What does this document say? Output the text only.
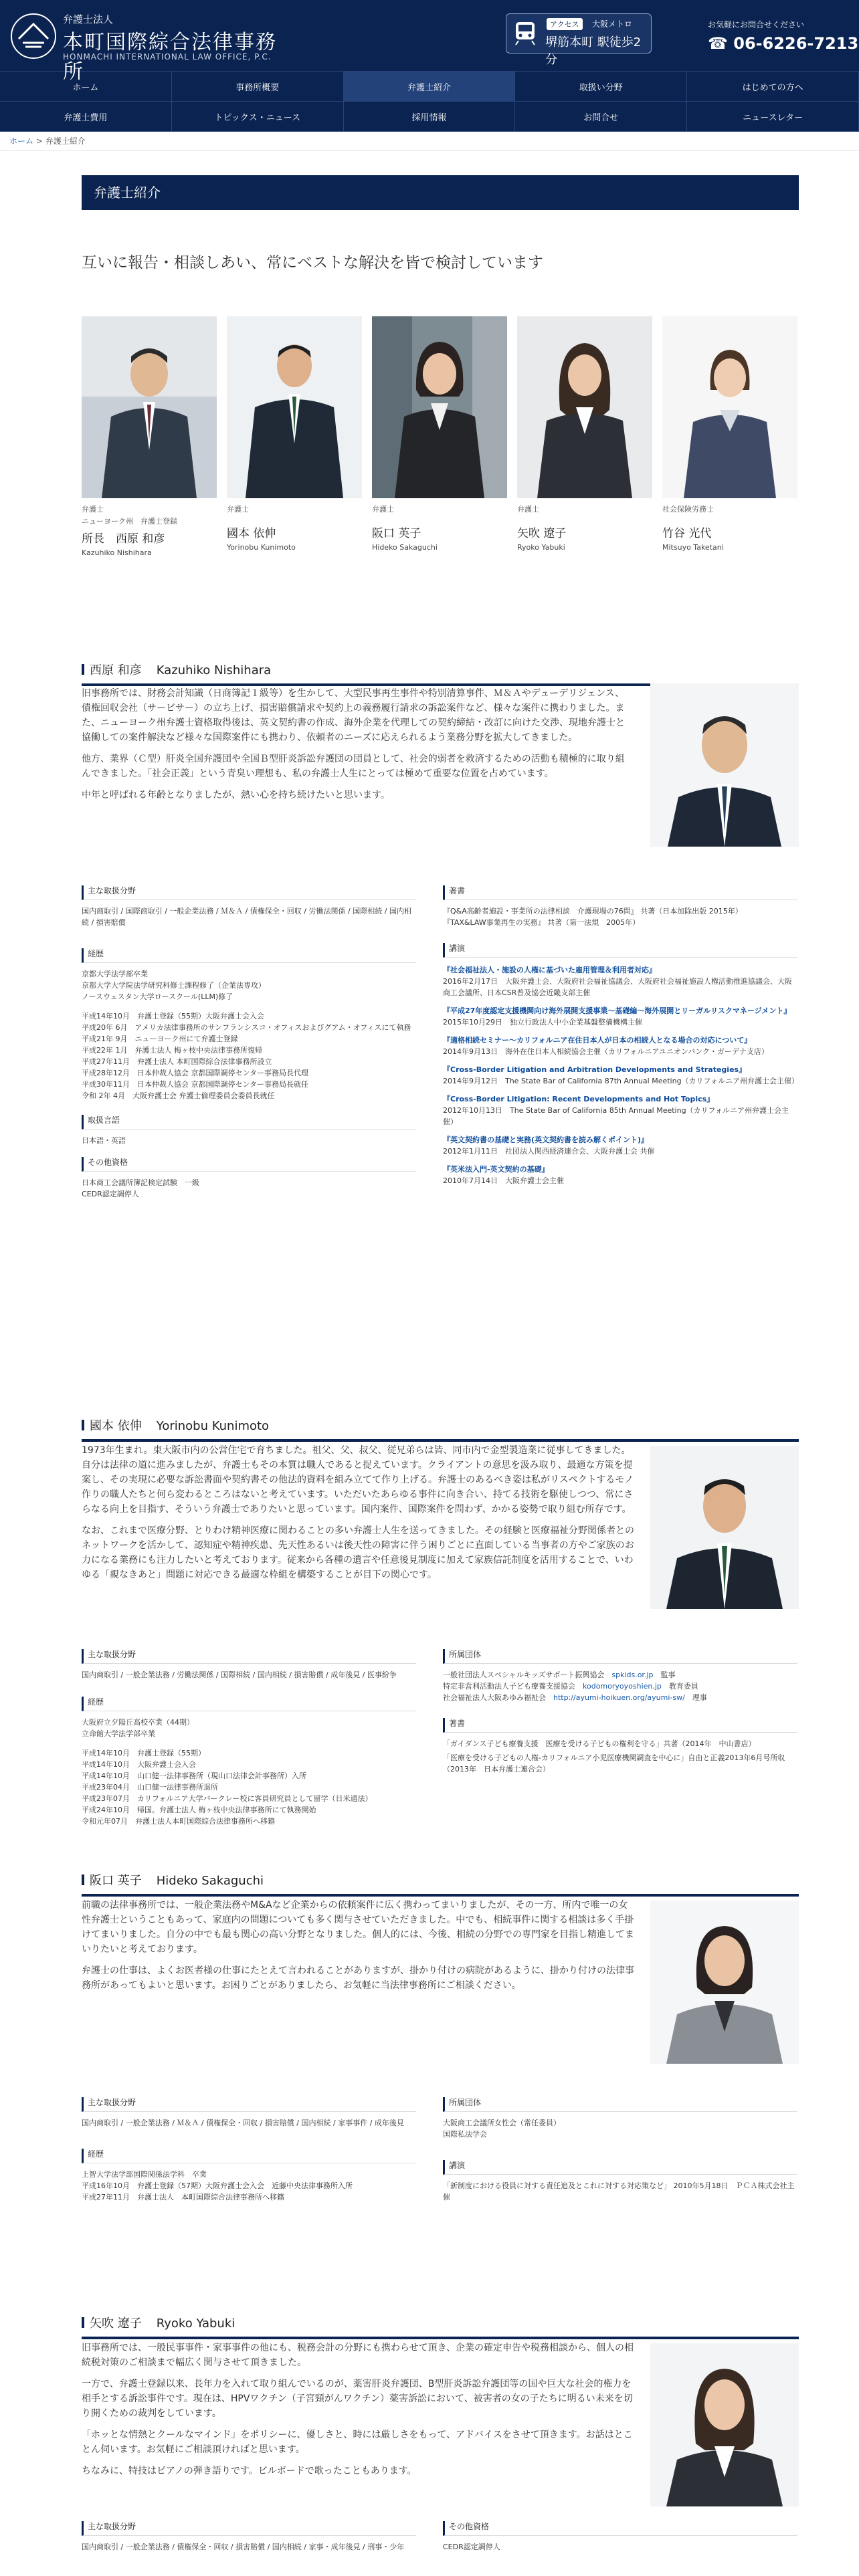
弁護士法人
本町国際綜合法律事務所
HONMACHI INTERNATIONAL LAW OFFICE, P.C.
アクセス	大阪メトロ
堺筋本町 駅徒歩2分
お気軽にお問合せください
☎ 06-6226-7213
ホーム	事務所概要	弁護士紹介	取扱い分野	はじめての方へ
弁護士費用	トピックス・ニュース	採用情報	お問合せ	ニュースレター
ホーム > 弁護士紹介
弁護士紹介
互いに報告・相談しあい、常にベストな解決を皆で検討しています
弁護士
ニューヨーク州　弁護士登録
所長　西原 和彦
Kazuhiko Nishihara
弁護士
國本 依伸
Yorinobu Kunimoto
弁護士
阪口 英子
Hideko Sakaguchi
弁護士
矢吹 遼子
Ryoko Yabuki
社会保険労務士
竹谷 光代
Mitsuyo Taketani
西原 和彦 Kazuhiko Nishihara

旧事務所では、財務会計知識（日商簿記１級等）を生かして、大型民事再生事件や特別清算事件、Ｍ＆Ａやデューデリジェンス、債権回収会社（サービサー）の立ち上げ、損害賠償請求や契約上の義務履行請求の訴訟案件など、様々な案件に携わりました。また、ニューヨーク州弁護士資格取得後は、英文契約書の作成、海外企業を代理しての契約締結・改訂に向けた交渉、現地弁護士と協働しての案件解決など様々な国際案件にも携わり、依頼者のニーズに応えられるよう業務分野を拡大してきました。

他方、業界（Ｃ型）肝炎全国弁護団や全国Ｂ型肝炎訴訟弁護団の団員として、社会的弱者を救済するための活動も積極的に取り組んできました。「社会正義」という青臭い理想も、私の弁護士人生にとっては極めて重要な位置を占めています。

中年と呼ばれる年齢となりましたが、熱い心を持ち続けたいと思います。

主な取扱分野
国内商取引 / 国際商取引 / 一般企業法務 / Ｍ＆Ａ / 債権保全・回収 / 労働法関係 / 国際相続 / 国内相続 / 損害賠償
経歴
京都大学法学部卒業
京都大学大学院法学研究科修士課程修了（企業法専攻）
ノースウェスタン大学ロースクール(LLM)修了
平成14年10月　弁護士登録（55期）大阪弁護士会入会
平成20年 6月　アメリカ法律事務所のサンフランシスコ・オフィスおよびグアム・オフィスにて執務
平成21年 9月　ニューヨーク州にて弁護士登録
平成22年 1月　弁護士法人 梅ヶ枝中央法律事務所復帰
平成27年11月　弁護士法人 本町国際綜合法律事務所設立
平成28年12月　日本仲裁人協会 京都国際調停センター事務局長代理
平成30年11月　日本仲裁人協会 京都国際調停センター事務局長就任
令和 2年 4月　大阪弁護士会 弁護士倫理委員会委員長就任
取扱言語
日本語・英語
その他資格
日本商工会議所簿記検定試験　一級
CEDR認定調停人
著書
『Q&A高齢者施設・事業所の法律相談　介護現場の76問』 共著（日本加除出版 2015年）
『TAX&LAW事業再生の実務』 共著（第一法規　2005年）
講演
『社会福祉法人・施設の人権に基づいた雇用管理＆利用者対応』
2016年2月17日　大阪弁護士会、大阪府社会福祉協議会、大阪府社会福祉施設人権活動推進協議会、大阪商工会議所、日本CSR普及協会近畿支部主催
『平成27年度認定支援機関向け海外展開支援事業～基礎編～海外展開とリーガルリスクマネージメント』
2015年10月29日　独立行政法人中小企業基盤整備機構主催
『適格相続セミナー～カリフォルニア在住日本人が日本の相続人となる場合の対応について』
2014年9月13日　海外在住日本人相続協会主催（カリフォルニアユニオンバンク・ガーデナ支店）
『Cross-Border Litigation and Arbitration Developments and Strategies』
2014年9月12日　The State Bar of California 87th Annual Meeting（カリフォルニア州弁護士会主催）
『Cross-Border Litigation: Recent Developments and Hot Topics』
2012年10月13日　The State Bar of California 85th Annual Meeting（カリフォルニア州弁護士会主催）
『英文契約書の基礎と実務(英文契約書を読み解くポイント)』
2012年1月11日　社団法人関西経済連合会、大阪弁護士会 共催
『英米法入門-英文契約の基礎』
2010年7月14日　大阪弁護士会主催
國本 依伸 Yorinobu Kunimoto

1973年生まれ。東大阪市内の公営住宅で育ちました。祖父、父、叔父、従兄弟らは皆、同市内で金型製造業に従事してきました。自分は法律の道に進みましたが、弁護士もその本質は職人であると捉えています。クライアントの意思を汲み取り、最適な方策を提案し、その実現に必要な訴訟書面や契約書その他法的資料を組み立てて作り上げる。弁護士のあるべき姿は私がリスペクトするモノ作りの職人たちと何ら変わるところはないと考えています。いただいたあらゆる事件に向き合い、持てる技術を駆使しつつ、常にさらなる向上を目指す、そういう弁護士でありたいと思っています。国内案件、国際案件を問わず、かかる姿勢で取り組む所存です。

なお、これまで医療分野、とりわけ精神医療に関わることの多い弁護士人生を送ってきました。その経験と医療福祉分野関係者とのネットワークを活かして、認知症や精神疾患、先天性あるいは後天性の障害に伴う困りごとに直面している当事者の方やご家族のお力になる業務にも注力したいと考えております。従来から各種の遺言や任意後見制度に加えて家族信託制度を活用することで、いわゆる「親なきあと」問題に対応できる最適な枠組を構築することが目下の関心です。

主な取扱分野
国内商取引 / 一般企業法務 / 労働法関係 / 国際相続 / 国内相続 / 損害賠償 / 成年後見 / 医事紛争
経歴
大阪府立夕陽丘高校卒業（44期）
立命館大学法学部卒業
平成14年10月　弁護士登録（55期）
平成14年10月　大阪弁護士会入会
平成14年10月　山口健一法律事務所（現山口法律会計事務所）入所
平成23年04月　山口健一法律事務所退所
平成23年07月　カリフォルニア大学バークレー校に客員研究員として留学（日米通法）
平成24年10月　帰国。弁護士法人 梅ヶ枝中央法律事務所にて執務開始
令和元年07月　弁護士法人本町国際綜合法律事務所へ移籍
所属団体
一般社団法人スペシャルキッズサポート振興協会　 spkids.or.jp　 監事
特定非営利活動法人子ども療養支援協会　 kodomoryoyoshien.jp　 教育委員
社会福祉法人大阪あゆみ福祉会　 http://ayumi-hoikuen.org/ayumi-sw/　 理事
著書
「ガイダンス子ども療養支援　医療を受ける子どもの権利を守る」共著（2014年　中山書店）
「医療を受ける子どもの人権-カリフォルニア小児医療機関調査を中心に」自由と正義2013年6月号所収（2013年　日本弁護士連合会）
阪口 英子 Hideko Sakaguchi

前職の法律事務所では、一般企業法務やM&Aなど企業からの依頼案件に広く携わってまいりましたが、その一方、所内で唯一の女性弁護士ということもあって、家庭内の問題についても多く関与させていただきました。中でも、相続事件に関する相談は多く手掛けてまいりました。自分の中でも最も関心の高い分野となりました。個人的には、今後、相続の分野での専門家を目指し精進してまいりたいと考えております。

弁護士の仕事は、よくお医者様の仕事にたとえて言われることがありますが、掛かり付けの病院があるように、掛かり付けの法律事務所があってもよいと思います。お困りごとがありましたら、お気軽に当法律事務所にご相談ください。

主な取扱分野
国内商取引 / 一般企業法務 / Ｍ＆Ａ / 債権保全・回収 / 損害賠償 / 国内相続 / 家事事件 / 成年後見
経歴
上智大学法学部国際関係法学科　卒業
平成16年10月　弁護士登録（57期）大阪弁護士会入会　近藤中央法律事務所入所
平成27年11月　弁護士法人　本町国際綜合法律事務所へ移籍
所属団体
大阪商工会議所女性会（常任委員）
国際私法学会
講演
「新制度における役員に対する責任追及とこれに対する対応策など」 2010年5月18日　ＰＣＡ株式会社主催
矢吹 遼子 Ryoko Yabuki

旧事務所では、一般民事事件・家事事件の他にも、税務会計の分野にも携わらせて頂き、企業の確定申告や税務相談から、個人の相続税対策のご相談まで幅広く関与させて頂きました。

一方で、弁護士登録以来、長年力を入れて取り組んでいるのが、薬害肝炎弁護団、B型肝炎訴訟弁護団等の国や巨大な社会的権力を相手とする訴訟事件です。現在は、HPVワクチン（子宮頸がんワクチン）薬害訴訟において、被害者の女の子たちに明るい未来を切り開くための裁判をしています。

「ホッとな情熱とクールなマインド」をポリシーに、優しさと、時には厳しさをもって、アドバイスをさせて頂きます。お話はとことん伺います。お気軽にご相談頂ければと思います。

ちなみに、特技はピアノの弾き語りです。ビルボードで歌ったこともあります。

主な取扱分野
国内商取引 / 一般企業法務 / 債権保全・回収 / 損害賠償 / 国内相続 / 家事・成年後見 / 刑事・少年
その他資格
CEDR認定調停人
